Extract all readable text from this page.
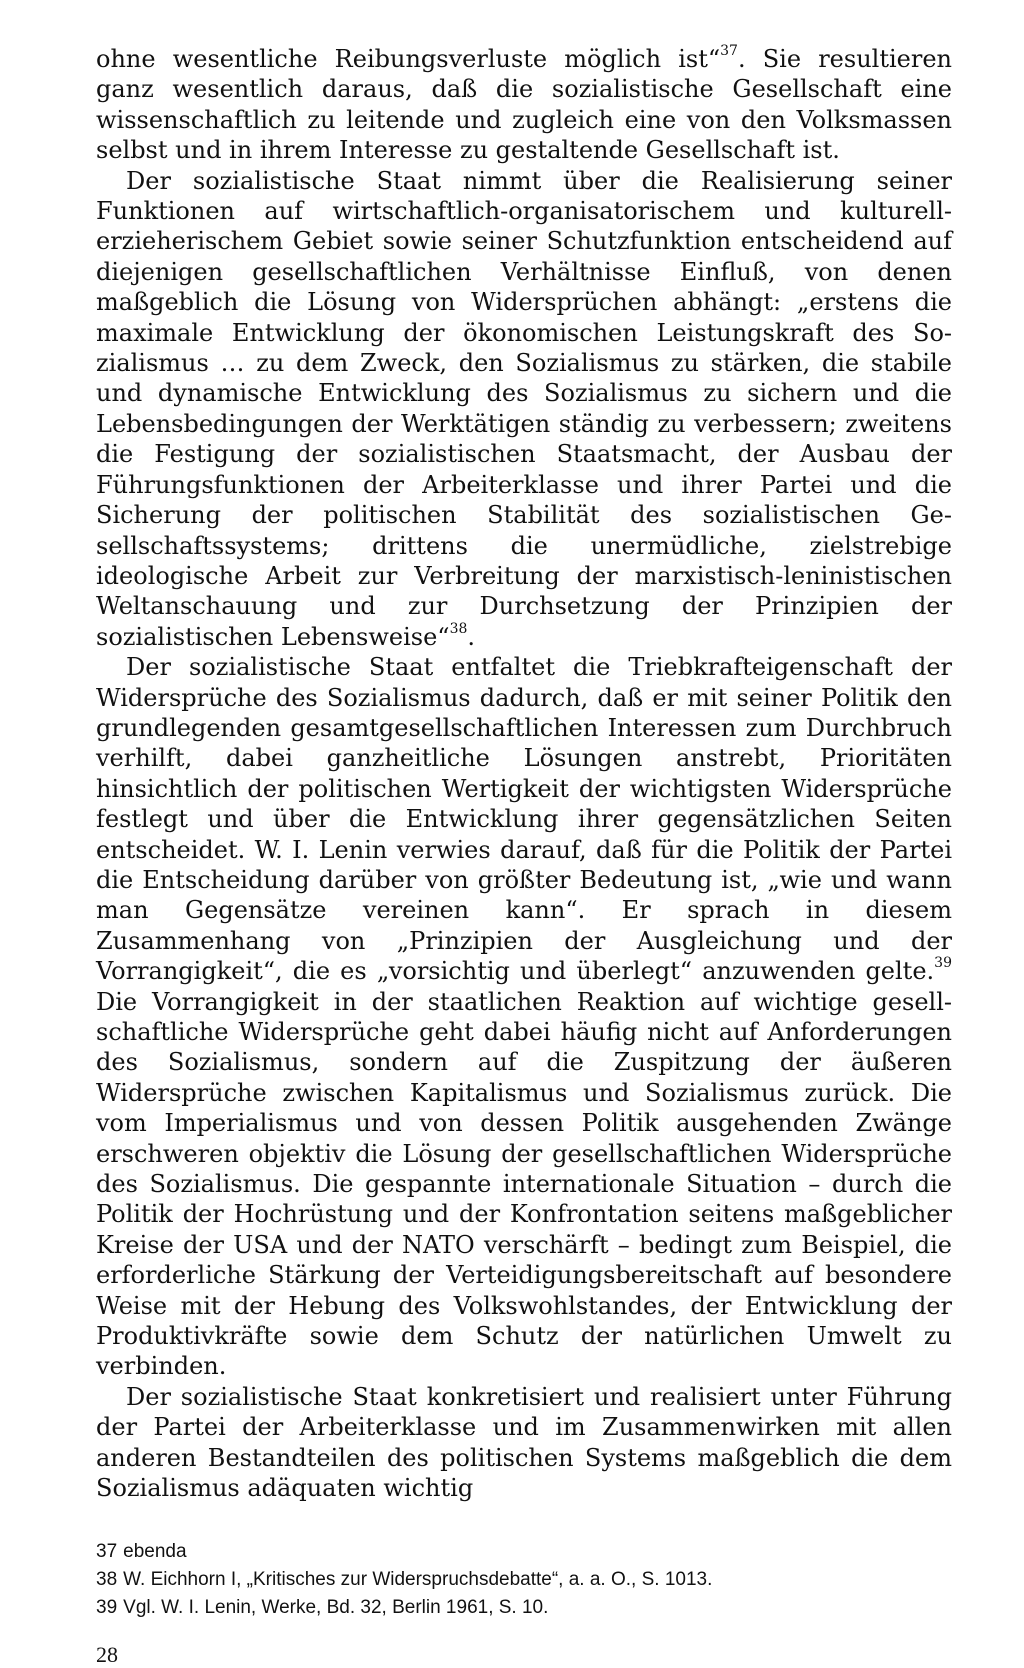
ohne wesentliche Reibungsverluste möglich ist“$^{37}$. Sie resultieren ganz wesentlich daraus, daß die sozialistische Gesellschaft eine wissenschaftlich zu leitende und zugleich eine von den Volksmassen selbst und in ihrem Interesse zu gestaltende Gesellschaft ist.

Der sozialistische Staat nimmt über die Realisierung seiner Funktionen auf wirtschaftlich-organisatorischem und kulturell-erzieherischem Gebiet sowie seiner Schutzfunktion entscheidend auf diejenigen gesellschaftlichen Verhältnisse Einfluß, von denen maßgeblich die Lösung von Widersprüchen abhängt: „erstens die maximale Entwicklung der ökonomischen Leistungskraft des Sozialismus … zu dem Zweck, den Sozialismus zu stärken, die stabile und dynamische Entwicklung des Sozialismus zu sichern und die Lebensbedingungen der Werktätigen ständig zu verbessern; zweitens die Festigung der sozialistischen Staatsmacht, der Ausbau der Führungsfunktionen der Arbeiterklasse und ihrer Partei und die Sicherung der politischen Stabilität des sozialistischen Gesellschaftssystems; drittens die unermüdliche, zielstrebige ideologische Arbeit zur Verbreitung der marxistisch-leninistischen Weltanschauung und zur Durchsetzung der Prinzipien der sozialistischen Lebensweise“$^{38}$.

Der sozialistische Staat entfaltet die Triebkrafteigenschaft der Widersprüche des Sozialismus dadurch, daß er mit seiner Politik den grundlegenden gesamtgesellschaftlichen Interessen zum Durchbruch verhilft, dabei ganzheitliche Lösungen anstrebt, Prioritäten hinsichtlich der politischen Wertigkeit der wichtigsten Widersprüche festlegt und über die Entwicklung ihrer gegensätzlichen Seiten entscheidet. W. I. Lenin verwies darauf, daß für die Politik der Partei die Entscheidung darüber von größter Bedeutung ist, „wie und wann man Gegensätze vereinen kann“. Er sprach in diesem Zusammenhang von „Prinzipien der Ausgleichung und der Vorrangigkeit“, die es „vorsichtig und überlegt“ anzuwenden gelte.$^{39}$ Die Vorrangigkeit in der staatlichen Reaktion auf wichtige gesellschaftliche Widersprüche geht dabei häufig nicht auf Anforderungen des Sozialismus, sondern auf die Zuspitzung der äußeren Widersprüche zwischen Kapitalismus und Sozialismus zurück. Die vom Imperialismus und von dessen Politik ausgehenden Zwänge erschweren objektiv die Lösung der gesellschaftlichen Widersprüche des Sozialismus. Die gespannte internationale Situation – durch die Politik der Hochrüstung und der Konfrontation seitens maßgeblicher Kreise der USA und der NATO verschärft – bedingt zum Beispiel, die erforderliche Stärkung der Verteidigungsbereitschaft auf besondere Weise mit der Hebung des Volkswohlstandes, der Entwicklung der Produktivkräfte sowie dem Schutz der natürlichen Umwelt zu verbinden.

Der sozialistische Staat konkretisiert und realisiert unter Führung der Partei der Arbeiterklasse und im Zusammenwirken mit allen anderen Bestandteilen des politischen Systems maßgeblich die dem Sozialismus adäquaten wichtig

37 ebenda
38 W. Eichhorn I, „Kritisches zur Widerspruchsdebatte“, a. a. O., S. 1013.
39 Vgl. W. I. Lenin, Werke, Bd. 32, Berlin 1961, S. 10.
28
